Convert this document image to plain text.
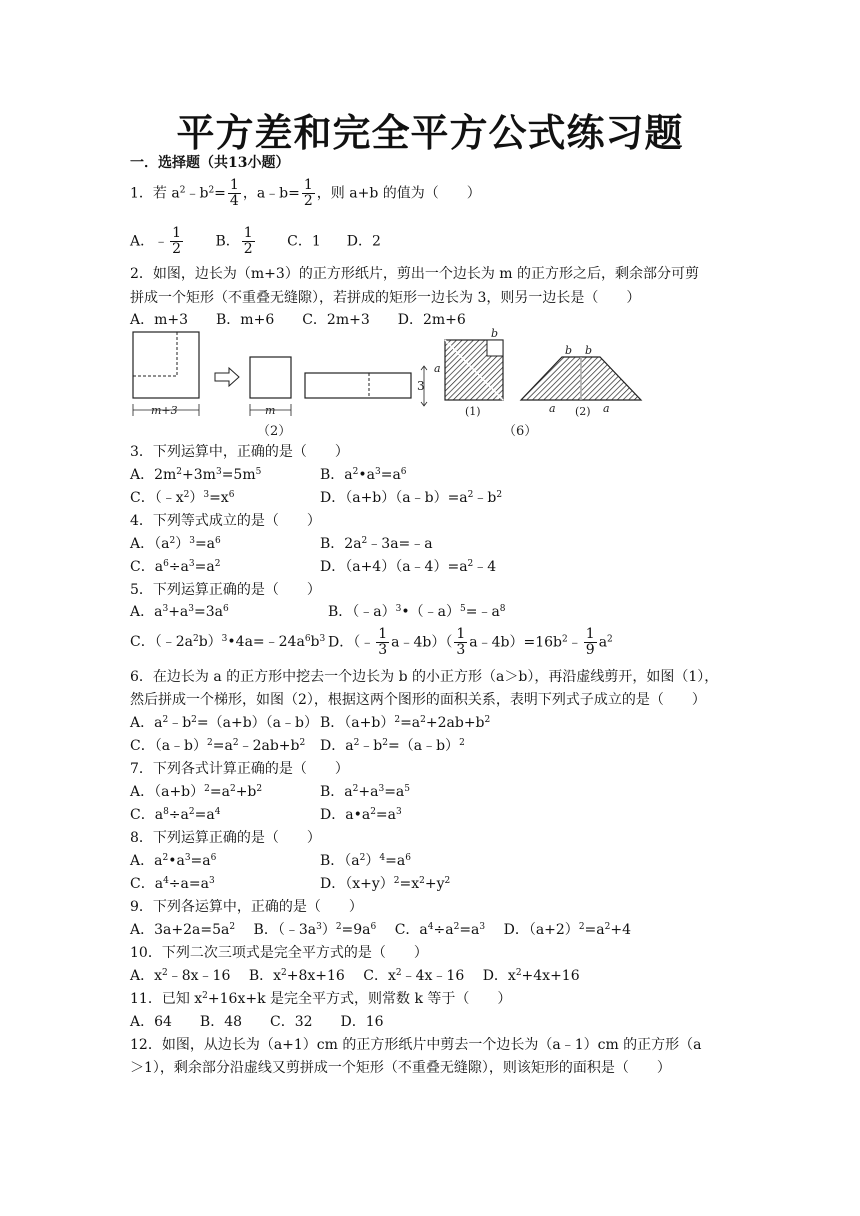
平方差和完全平方公式练习题
一．选择题（共13小题）
1．若 $a^2﹣b^2= \frac{1}{4}$ ，a﹣b= $\frac{1}{2}$ ，则 a+b 的值为（　　）
A．﹣ $\frac{1}{2}$ B． $\frac{1}{2}$ C．1 D．2
2．如图，边长为（m+3）的正方形纸片，剪出一个边长为 m 的正方形之后，剩余部分可剪
拼成一个矩形（不重叠无缝隙），若拼成的矩形一边长为 3，则另一边长是（　　）
A．m+3　　B．m+6　　C．2m+3　　D．2m+6
m+3	m
3
b
a
(1)
b b
a (2) a
（2）	（6）
3．下列运算中，正确的是（　　）
A．$2m^2+3m^3=5m^5$	B．$a^2•a^3=a^6$
C．$(﹣x^2)^3=x^6$	D．$(a+b)(a﹣b)=a^2﹣b^2$
4．下列等式成立的是（　　）
A．$(a^2)^3=a^6$	B．$2a^2﹣3a=﹣a$
C．$a^6\div a^3=a^2$	D．$(a+4)(a﹣4)=a^2﹣4$
5．下列运算正确的是（　　）
A．$a^3+a^3=3a^6$	B．$(﹣a)^3•(﹣a)^5=﹣a^8$
C．$(﹣2a^2b)^3•4a=﹣24a^6b^3$ D．（﹣ $\frac{1}{3}$ a﹣4b）（ $\frac{1}{3}$ $a﹣4b)=16b^2﹣ \frac{1}{9} a^2$
6．在边长为 a 的正方形中挖去一个边长为 b 的小正方形（a＞b），再沿虚线剪开，如图（1），
然后拼成一个梯形，如图（2），根据这两个图形的面积关系，表明下列式子成立的是（　　）
A．$a^2﹣b^2=(a+b)(a﹣b)$ B．$(a+b)^2=a^2+2ab+b^2$
C．$(a﹣b)^2=a^2﹣2ab+b^2$ D．$a^2﹣b^2=(a﹣b)^2$
7．下列各式计算正确的是（　　）
A．$(a+b)^2=a^2+b^2$	B．$a^2+a^3=a^5$
C．$a^8\div a^2=a^4$	D．$a•a^2=a^3$
8．下列运算正确的是（　　）
A．$a^2•a^3=a^6$	B．$(a^2)^4=a^6$
C．$a^4\div a=a^3$	D．$(x+y)^2=x^2+y^2$
9．下列各运算中，正确的是（　　）
A．$3a+2a=5a^2$　 B．$(﹣3a^3)^2=9a^6$　 C．$a^4\div a^2=a^3$　 D．$(a+2)^2=a^2+4$
10．下列二次三项式是完全平方式的是（　　）
A．$x^2﹣8x﹣16$　 B．$x^2+8x+16$　 C．$x^2﹣4x﹣16$　 D．$x^2+4x+16$
11．已知 $x^2+16x+k$ 是完全平方式，则常数 k 等于（　　）
A．64　　B．48　　C．32　　D．16
12．如图，从边长为（a+1）cm 的正方形纸片中剪去一个边长为（a﹣1）cm 的正方形（a
＞1），剩余部分沿虚线又剪拼成一个矩形（不重叠无缝隙），则该矩形的面积是（　　）
